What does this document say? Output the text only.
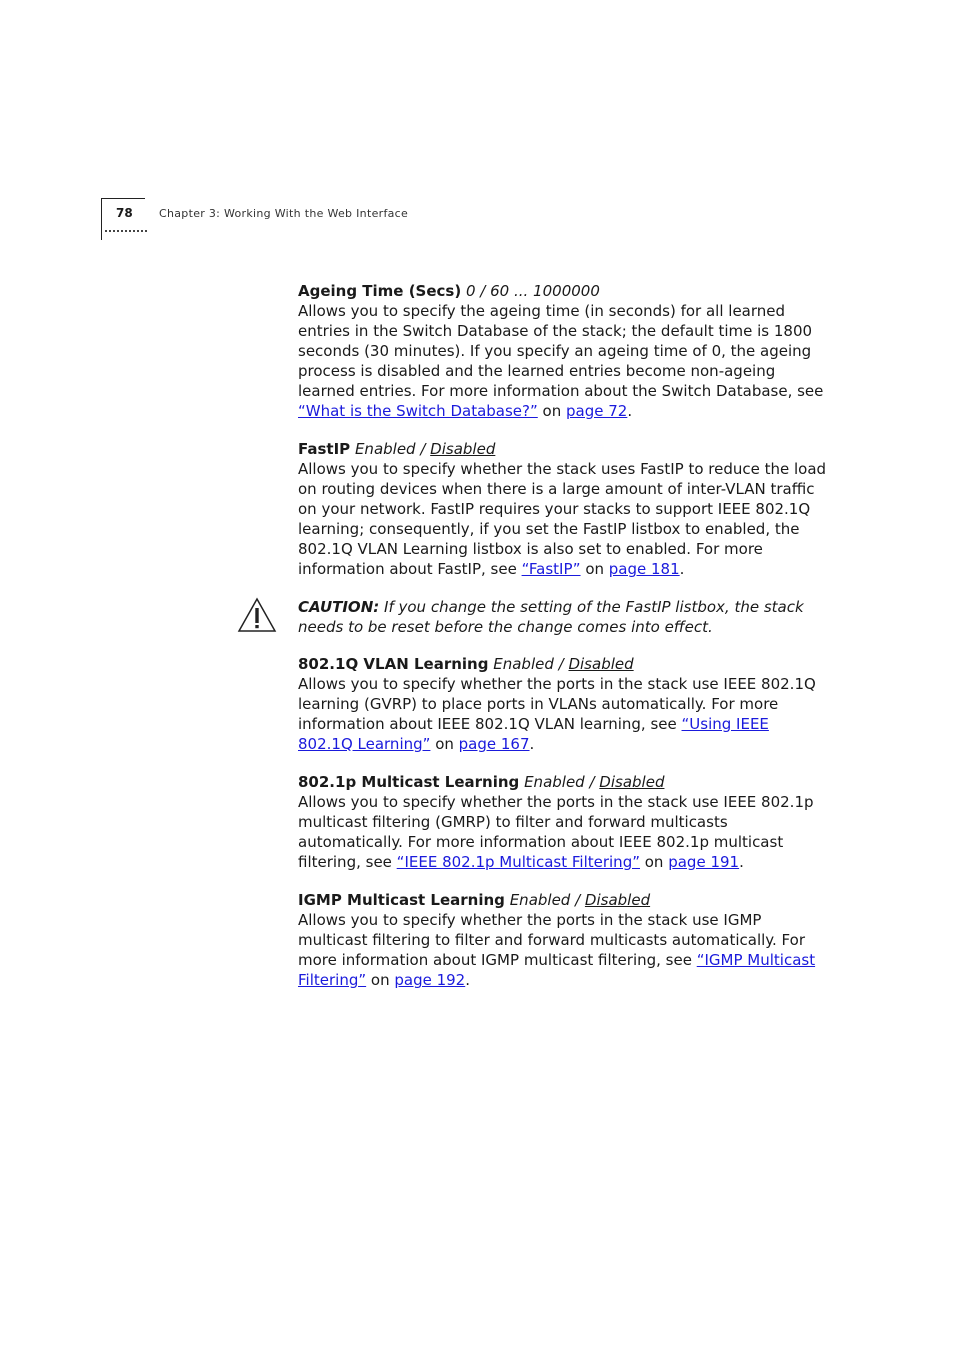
78 Chapter 3: Working With the Web Interface

Ageing Time (Secs) 0 / 60 ... 1000000

Allows you to specify the ageing time (in seconds) for all learned entries in the Switch Database of the stack; the default time is 1800 seconds (30 minutes). If you specify an ageing time of 0, the ageing process is disabled and the learned entries become non-ageing learned entries. For more information about the Switch Database, see “What is the Switch Database?” on page 72.

FastIP Enabled / Disabled

Allows you to specify whether the stack uses FastIP to reduce the load on routing devices when there is a large amount of inter-VLAN traffic on your network. FastIP requires your stacks to support IEEE 802.1Q learning; consequently, if you set the FastIP listbox to enabled, the 802.1Q VLAN Learning listbox is also set to enabled. For more information about FastIP, see “FastIP” on page 181.

CAUTION: If you change the setting of the FastIP listbox, the stack needs to be reset before the change comes into effect.

802.1Q VLAN Learning Enabled / Disabled

Allows you to specify whether the ports in the stack use IEEE 802.1Q learning (GVRP) to place ports in VLANs automatically. For more information about IEEE 802.1Q VLAN learning, see “Using IEEE 802.1Q Learning” on page 167.

802.1p Multicast Learning Enabled / Disabled

Allows you to specify whether the ports in the stack use IEEE 802.1p multicast filtering (GMRP) to filter and forward multicasts automatically. For more information about IEEE 802.1p multicast filtering, see “IEEE 802.1p Multicast Filtering” on page 191.

IGMP Multicast Learning Enabled / Disabled

Allows you to specify whether the ports in the stack use IGMP multicast filtering to filter and forward multicasts automatically. For more information about IGMP multicast filtering, see “IGMP Multicast Filtering” on page 192.
